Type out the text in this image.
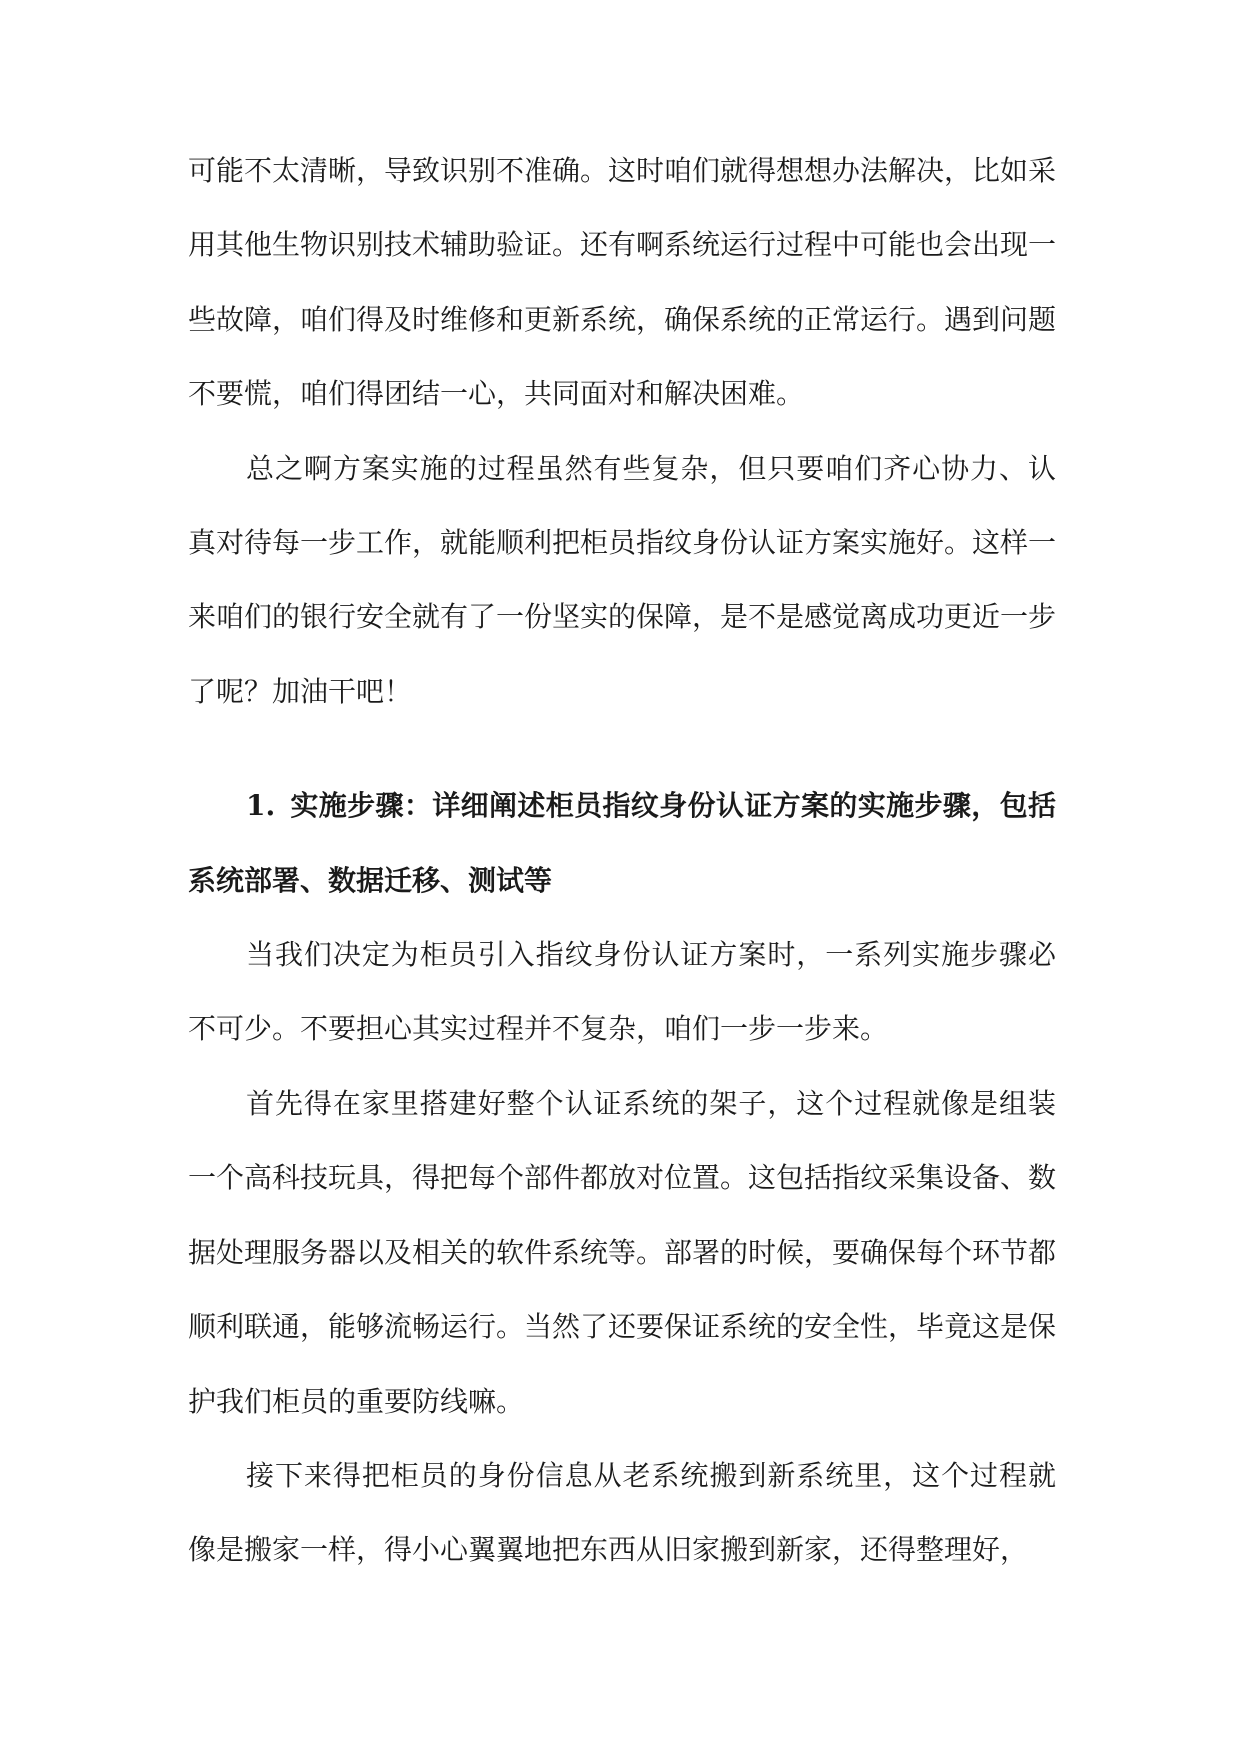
可能不太清晰，导致识别不准确。这时咱们就得想想办法解决，比如采用其他生物识别技术辅助验证。还有啊系统运行过程中可能也会出现一些故障，咱们得及时维修和更新系统，确保系统的正常运行。遇到问题不要慌，咱们得团结一心，共同面对和解决困难。

总之啊方案实施的过程虽然有些复杂，但只要咱们齐心协力、认真对待每一步工作，就能顺利把柜员指纹身份认证方案实施好。这样一来咱们的银行安全就有了一份坚实的保障，是不是感觉离成功更近一步了呢？加油干吧！

1. 实施步骤：详细阐述柜员指纹身份认证方案的实施步骤，包括系统部署、数据迁移、测试等

当我们决定为柜员引入指纹身份认证方案时，一系列实施步骤必不可少。不要担心其实过程并不复杂，咱们一步一步来。

首先得在家里搭建好整个认证系统的架子，这个过程就像是组装一个高科技玩具，得把每个部件都放对位置。这包括指纹采集设备、数据处理服务器以及相关的软件系统等。部署的时候，要确保每个环节都顺利联通，能够流畅运行。当然了还要保证系统的安全性，毕竟这是保护我们柜员的重要防线嘛。

接下来得把柜员的身份信息从老系统搬到新系统里，这个过程就像是搬家一样，得小心翼翼地把东西从旧家搬到新家，还得整理好，
